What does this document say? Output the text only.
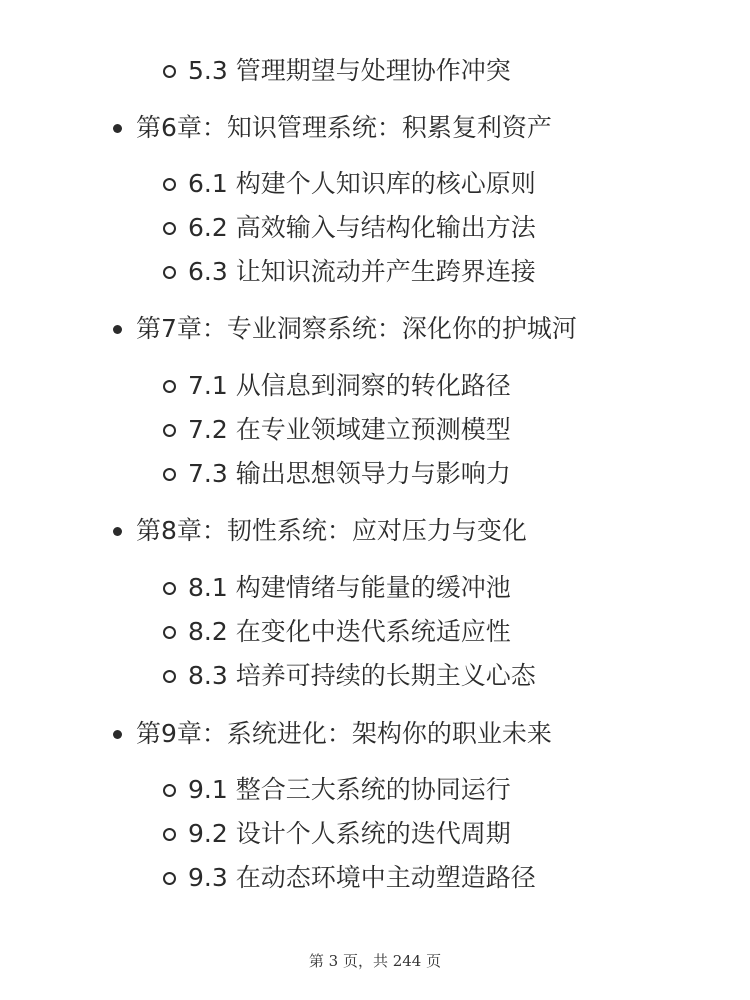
5.3 管理期望与处理协作冲突
第6章：知识管理系统：积累复利资产
6.1 构建个人知识库的核心原则
6.2 高效输入与结构化输出方法
6.3 让知识流动并产生跨界连接
第7章：专业洞察系统：深化你的护城河
7.1 从信息到洞察的转化路径
7.2 在专业领域建立预测模型
7.3 输出思想领导力与影响力
第8章：韧性系统：应对压力与变化
8.1 构建情绪与能量的缓冲池
8.2 在变化中迭代系统适应性
8.3 培养可持续的长期主义心态
第9章：系统进化：架构你的职业未来
9.1 整合三大系统的协同运行
9.2 设计个人系统的迭代周期
9.3 在动态环境中主动塑造路径
第 3 页，共 244 页
